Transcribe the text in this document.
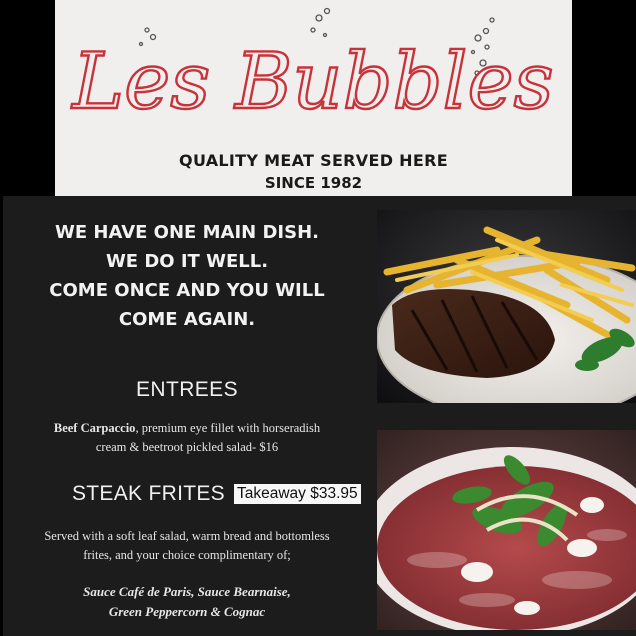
Les Bubbles
QUALITY MEAT SERVED HERE
SINCE 1982
WE HAVE ONE MAIN DISH.
WE DO IT WELL.
COME ONCE AND YOU WILL
COME AGAIN.
ENTREES
Beef Carpaccio, premium eye fillet with horseradish
cream & beetroot pickled salad- $16
STEAK FRITES Takeaway $33.95
Served with a soft leaf salad, warm bread and bottomless
frites, and your choice complimentary of;
Sauce Café de Paris, Sauce Bearnaise,
Green Peppercorn & Cognac
